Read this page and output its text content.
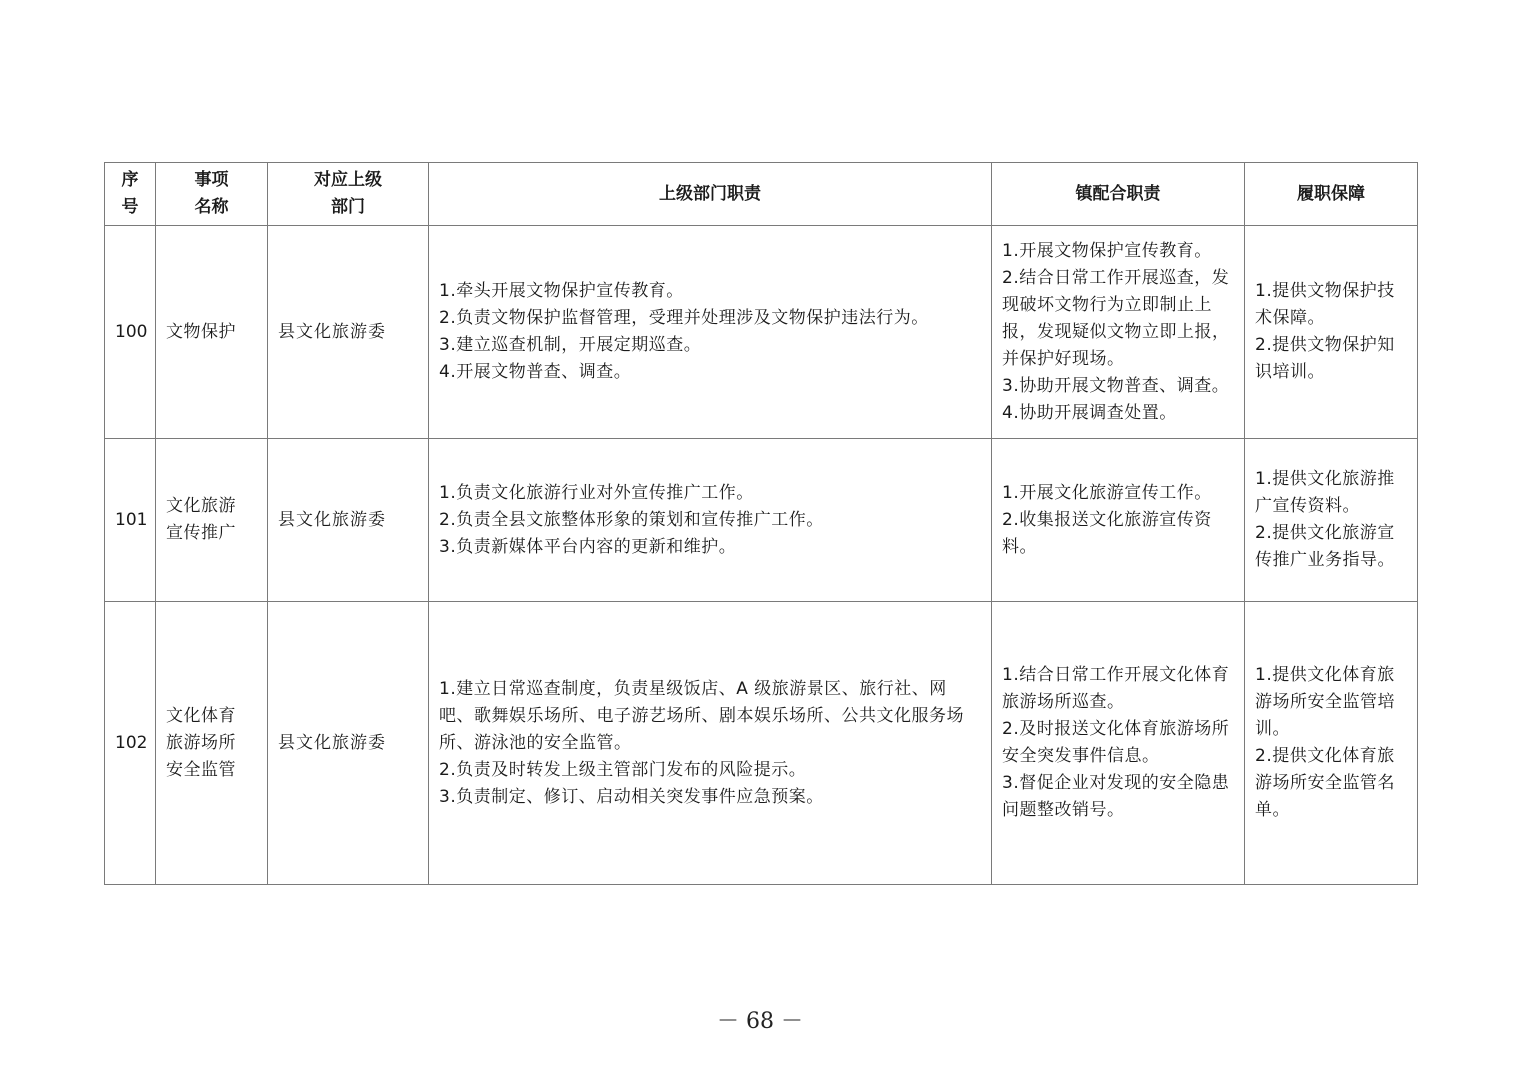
序
号	事项
名称	对应上级
部门	上级部门职责	镇配合职责	履职保障
100	文物保护	县文化旅游委	1.牵头开展文物保护宣传教育。
2.负责文物保护监督管理，受理并处理涉及文物保护违法行为。
3.建立巡查机制，开展定期巡查。
4.开展文物普查、调查。	1.开展文物保护宣传教育。
2.结合日常工作开展巡查，发现破坏文物行为立即制止上报，发现疑似文物立即上报，并保护好现场。
3.协助开展文物普查、调查。
4.协助开展调查处置。	1.提供文物保护技术保障。
2.提供文物保护知识培训。

101	文化旅游
宣传推广	县文化旅游委	1.负责文化旅游行业对外宣传推广工作。
2.负责全县文旅整体形象的策划和宣传推广工作。
3.负责新媒体平台内容的更新和维护。	1.开展文化旅游宣传工作。
2.收集报送文化旅游宣传资料。	1.提供文化旅游推广宣传资料。
2.提供文化旅游宣传推广业务指导。

102	文化体育
旅游场所
安全监管	县文化旅游委	1.建立日常巡查制度，负责星级饭店、A 级旅游景区、旅行社、网吧、歌舞娱乐场所、电子游艺场所、剧本娱乐场所、公共文化服务场所、游泳池的安全监管。
2.负责及时转发上级主管部门发布的风险提示。
3.负责制定、修订、启动相关突发事件应急预案。	1.结合日常工作开展文化体育旅游场所巡查。
2.及时报送文化体育旅游场所安全突发事件信息。
3.督促企业对发现的安全隐患问题整改销号。	1.提供文化体育旅游场所安全监管培训。
2.提供文化体育旅游场所安全监管名单。
－ 68 －
